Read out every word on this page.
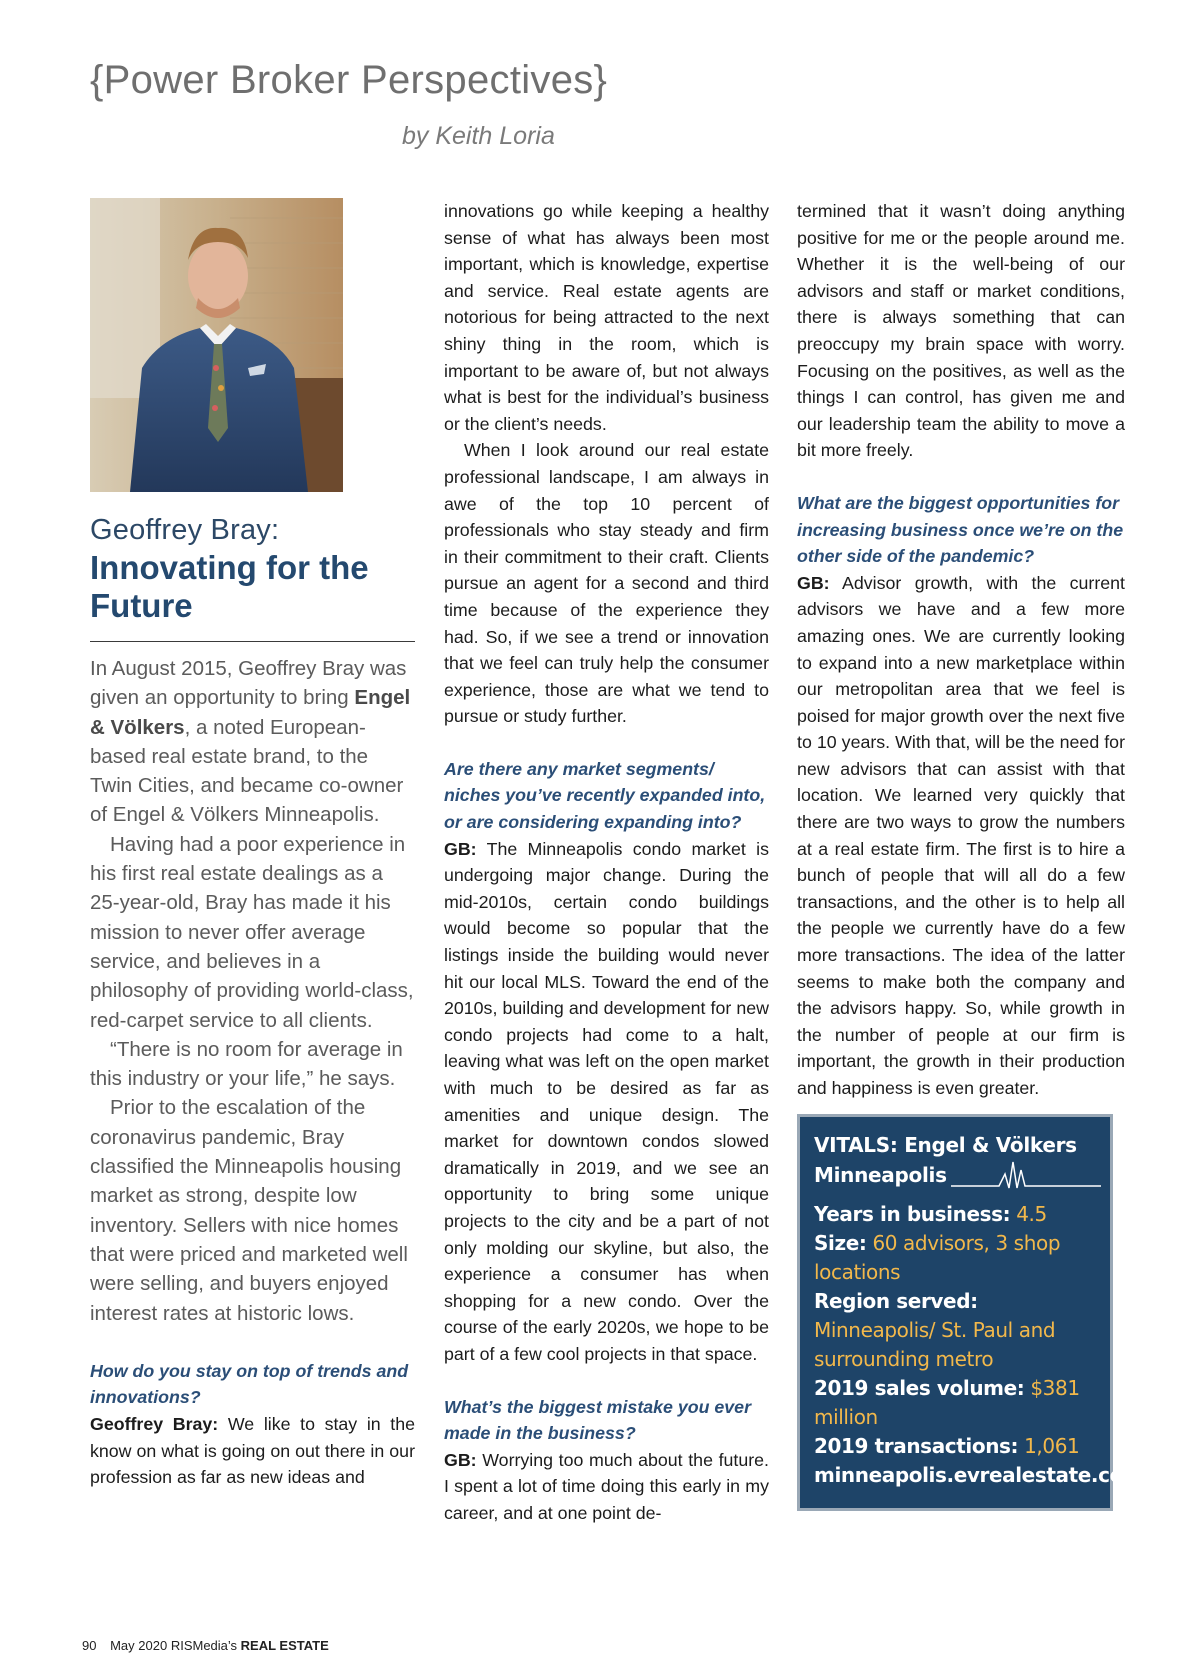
{Power Broker Perspectives}
by Keith Loria
Geoffrey Bray:
Innovating for the Future

In August 2015, Geoffrey Bray was given an opportunity to bring Engel & Völkers, a noted European-based real estate brand, to the Twin Cities, and became co-owner of Engel & Völkers Minneapolis.

Having had a poor experience in his first real estate dealings as a 25-year-old, Bray has made it his mission to never offer average service, and believes in a philosophy of providing world-class, red-carpet service to all clients.

“There is no room for average in this industry or your life,” he says.

Prior to the escalation of the coronavirus pandemic, Bray classified the Minneapolis housing market as strong, despite low inventory. Sellers with nice homes that were priced and marketed well were selling, and buyers enjoyed interest rates at historic lows.

How do you stay on top of trends and innovations?

Geoffrey Bray: We like to stay in the know on what is going on out there in our profession as far as new ideas and

innovations go while keeping a healthy sense of what has always been most important, which is knowledge, expertise and service. Real estate agents are notorious for being attracted to the next shiny thing in the room, which is important to be aware of, but not always what is best for the individual’s business or the client’s needs.

When I look around our real estate professional landscape, I am always in awe of the top 10 percent of professionals who stay steady and firm in their commitment to their craft. Clients pursue an agent for a second and third time because of the experience they had. So, if we see a trend or innovation that we feel can truly help the consumer experience, those are what we tend to pursue or study further.

Are there any market segments/ niches you’ve recently expanded into, or are considering expanding into?

GB: The Minneapolis condo market is undergoing major change. During the mid-2010s, certain condo buildings would become so popular that the listings inside the building would never hit our local MLS. Toward the end of the 2010s, building and development for new condo projects had come to a halt, leaving what was left on the open market with much to be desired as far as amenities and unique design. The market for downtown condos slowed dramatically in 2019, and we see an opportunity to bring some unique projects to the city and be a part of not only molding our skyline, but also, the experience a consumer has when shopping for a new condo. Over the course of the early 2020s, we hope to be part of a few cool projects in that space.

What’s the biggest mistake you ever made in the business?

GB: Worrying too much about the future. I spent a lot of time doing this early in my career, and at one point de-

termined that it wasn’t doing anything positive for me or the people around me. Whether it is the well-being of our advisors and staff or market conditions, there is always something that can preoccupy my brain space with worry. Focusing on the positives, as well as the things I can control, has given me and our leadership team the ability to move a bit more freely.

What are the biggest opportunities for increasing business once we’re on the other side of the pandemic?

GB: Advisor growth, with the current advisors we have and a few more amazing ones. We are currently looking to expand into a new marketplace within our metropolitan area that we feel is poised for major growth over the next five to 10 years. With that, will be the need for new advisors that can assist with that location. We learned very quickly that there are two ways to grow the numbers at a real estate firm. The first is to hire a bunch of people that will all do a few transactions, and the other is to help all the people we currently have do a few more transactions. The idea of the latter seems to make both the company and the advisors happy. So, while growth in the number of people at our firm is important, the growth in their production and happiness is even greater.

VITALS: Engel & Völkers
Minneapolis
Years in business: 4.5
Size: 60 advisors, 3 shop locations
Region served: Minneapolis/ St. Paul and surrounding metro
2019 sales volume: $381 million
2019 transactions: 1,061
minneapolis.evrealestate.com
90 May 2020 RISMedia’s REAL ESTATE
